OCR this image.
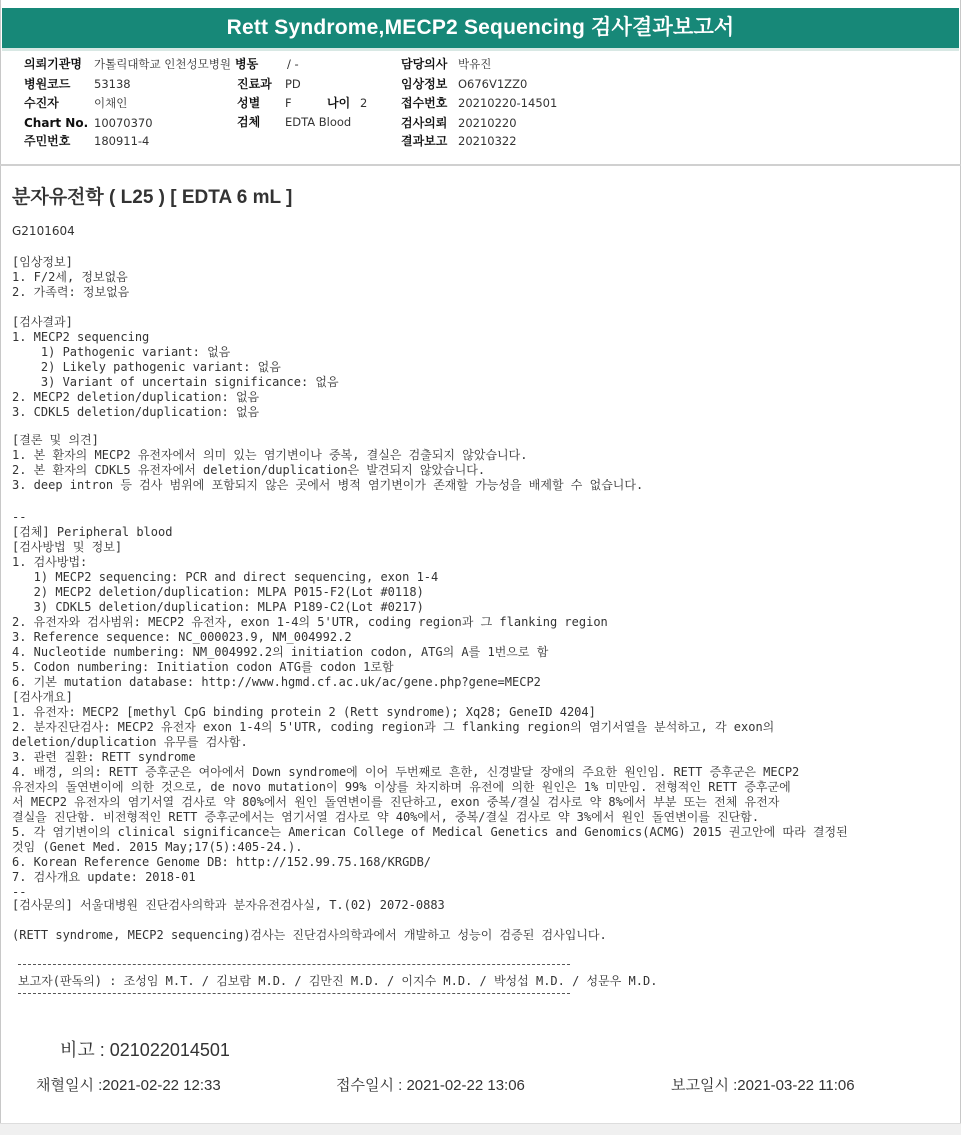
Rett Syndrome,MECP2 Sequencing 검사결과보고서
의뢰기관명 가톨릭대학교 인천성모병원 병동	/ -	담당의사 박유진
병원코드 53138	진료과 PD	임상정보 O676V1ZZ0
수진자	이채인	성별 F	나이 2	접수번호 20210220-14501
Chart No. 10070370	검체 EDTA Blood	검사의뢰 20210220
주민번호 180911-4	결과보고 20210322
분자유전학 ( L25 ) [ EDTA 6 mL ]
G2101604
[임상정보]
1. F/2세, 정보없음
2. 가족력: 정보없음
[검사결과]
1. MECP2 sequencing
1) Pathogenic variant: 없음
2) Likely pathogenic variant: 없음
3) Variant of uncertain significance: 없음
2. MECP2 deletion/duplication: 없음
3. CDKL5 deletion/duplication: 없음
[결론 및 의견]
1. 본 환자의 MECP2 유전자에서 의미 있는 염기변이나 중복, 결실은 검출되지 않았습니다.
2. 본 환자의 CDKL5 유전자에서 deletion/duplication은 발견되지 않았습니다.
3. deep intron 등 검사 범위에 포함되지 않은 곳에서 병적 염기변이가 존재할 가능성을 배제할 수 없습니다.
--
[검체] Peripheral blood
[검사방법 및 정보]
1. 검사방법:
1) MECP2 sequencing: PCR and direct sequencing, exon 1-4
2) MECP2 deletion/duplication: MLPA P015-F2(Lot #0118)
3) CDKL5 deletion/duplication: MLPA P189-C2(Lot #0217)
2. 유전자와 검사범위: MECP2 유전자, exon 1-4의 5'UTR, coding region과 그 flanking region
3. Reference sequence: NC_000023.9, NM_004992.2
4. Nucleotide numbering: NM_004992.2의 initiation codon, ATG의 A를 1번으로 함
5. Codon numbering: Initiation codon ATG를 codon 1로함
6. 기본 mutation database: http://www.hgmd.cf.ac.uk/ac/gene.php?gene=MECP2
[검사개요]
1. 유전자: MECP2 [methyl CpG binding protein 2 (Rett syndrome); Xq28; GeneID 4204]
2. 분자진단검사: MECP2 유전자 exon 1-4의 5'UTR, coding region과 그 flanking region의 염기서열을 분석하고, 각 exon의
deletion/duplication 유무를 검사함.
3. 관련 질환: RETT syndrome
4. 배경, 의의: RETT 증후군은 여아에서 Down syndrome에 이어 두번째로 흔한, 신경발달 장애의 주요한 원인임. RETT 증후군은 MECP2
유전자의 돌연변이에 의한 것으로, de novo mutation이 99% 이상를 차지하며 유전에 의한 원인은 1% 미만임. 전형적인 RETT 증후군에
서 MECP2 유전자의 염기서열 검사로 약 80%에서 원인 돌연변이를 진단하고, exon 중복/결실 검사로 약 8%에서 부분 또는 전체 유전자
결실을 진단함. 비전형적인 RETT 증후군에서는 염기서열 검사로 약 40%에서, 중복/결실 검사로 약 3%에서 원인 돌연변이를 진단함.
5. 각 염기변이의 clinical significance는 American College of Medical Genetics and Genomics(ACMG) 2015 권고안에 따라 결정된
것임 (Genet Med. 2015 May;17(5):405-24.).
6. Korean Reference Genome DB: http://152.99.75.168/KRGDB/
7. 검사개요 update: 2018-01
--
[검사문의] 서울대병원 진단검사의학과 분자유전검사실, T.(02) 2072-0883
(RETT syndrome, MECP2 sequencing)검사는 진단검사의학과에서 개발하고 성능이 검증된 검사입니다.
보고자(판독의) : 조성임 M.T. / 김보람 M.D. / 김만진 M.D. / 이지수 M.D. / 박성섭 M.D. / 성문우 M.D.
비고 : 021022014501
채혈일시 :2021-02-22 12:33	접수일시 : 2021-02-22 13:06	보고일시 :2021-03-22 11:06
